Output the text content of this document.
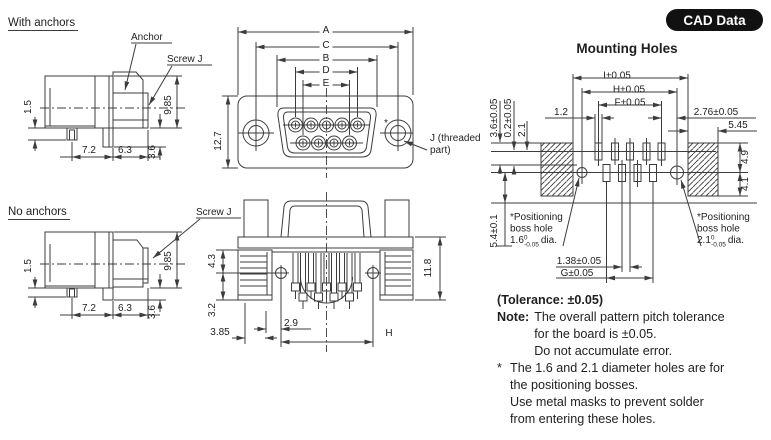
1.5	9.85
7.2 6.3 3.6
Anchor
Screw J
1.5	9.85
7.2 6.3 3.6
Screw J
A
C
B
D
E
12.7
*
J (threaded
part)
4.3
3.2
11.8
3.85
2.9
H
I±0.05
H±0.05
F±0.05
1.2	2.76±0.05
5.45
3.6±0.05 0.2±0.05 2.1
5.4±0.1
4.9
4.1
1.38±0.05
G±0.05
*Positioning
boss hole
$1.6^0$ -0.05 dia.
*Positioning
boss hole
$2.1^0$ -0.05 dia.
With anchors
No anchors
CAD Data
Mounting Holes
(Tolerance: ±0.05)
Note: The overall pattern pitch tolerance
for the board is ±0.05.
Do not accumulate error.
* The 1.6 and 2.1 diameter holes are for
the positioning bosses.
Use metal masks to prevent solder
from entering these holes.
